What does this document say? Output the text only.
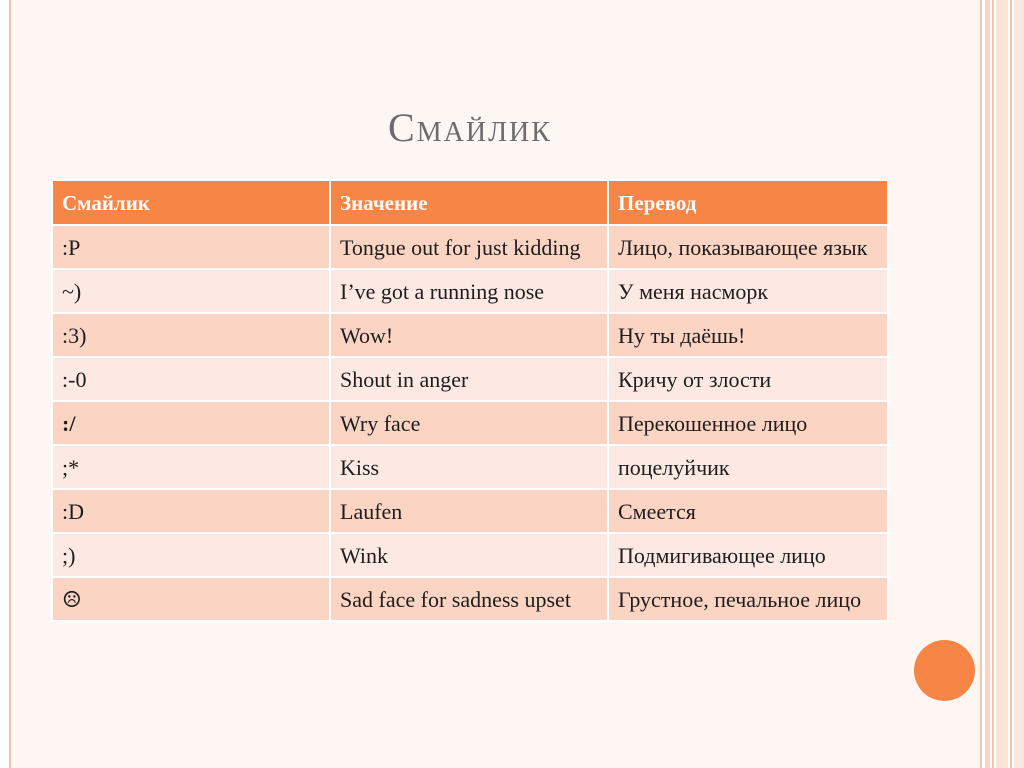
Смайлик
Смайлик	Значение	Перевод
:P	Tongue out for just kidding	Лицо, показывающее язык
~)	I’ve got a running nose	У меня насморк
:3)	Wow!	Ну ты даёшь!
:-0	Shout in anger	Кричу от злости
:/	Wry face	Перекошенное лицо
;*	Kiss	поцелуйчик
:D	Laufen	Смеется
;)	Wink	Подмигивающее лицо
☹	Sad face for sadness upset	Грустное, печальное лицо
